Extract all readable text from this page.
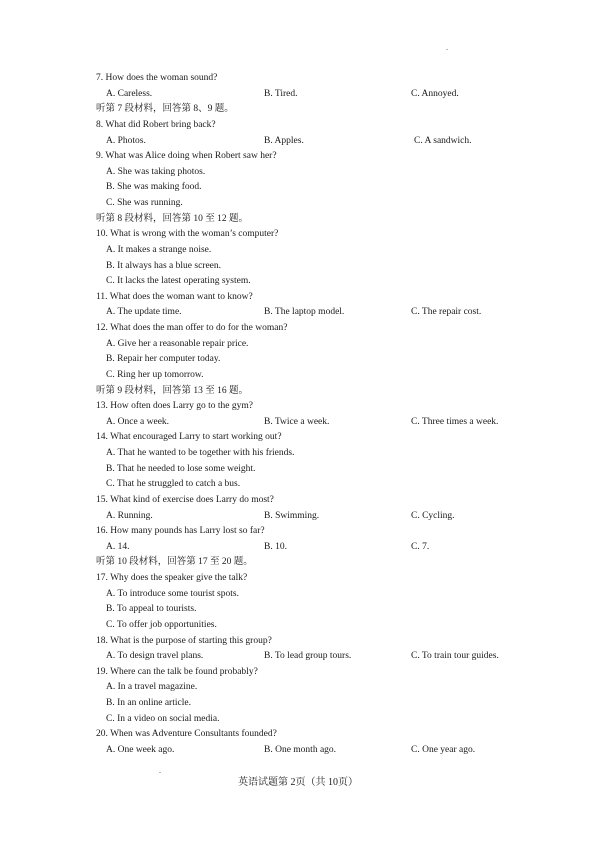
.
7. How does the woman sound?
A. Careless.	B. Tired.	C. Annoyed.
听第 7 段材料，回答第 8、9 题。
8. What did Robert bring back?
A. Photos.	B. Apples.	C. A sandwich.
9. What was Alice doing when Robert saw her?
A. She was taking photos.
B. She was making food.
C. She was running.
听第 8 段材料，回答第 10 至 12 题。
10. What is wrong with the woman’s computer?
A. It makes a strange noise.
B. It always has a blue screen.
C. It lacks the latest operating system.
11. What does the woman want to know?
A. The update time.	B. The laptop model.	C. The repair cost.
12. What does the man offer to do for the woman?
A. Give her a reasonable repair price.
B. Repair her computer today.
C. Ring her up tomorrow.
听第 9 段材料，回答第 13 至 16 题。
13. How often does Larry go to the gym?
A. Once a week.	B. Twice a week.	C. Three times a week.
14. What encouraged Larry to start working out?
A. That he wanted to be together with his friends.
B. That he needed to lose some weight.
C. That he struggled to catch a bus.
15. What kind of exercise does Larry do most?
A. Running.	B. Swimming.	C. Cycling.
16. How many pounds has Larry lost so far?
A. 14.	B. 10.	C. 7.
听第 10 段材料，回答第 17 至 20 题。
17. Why does the speaker give the talk?
A. To introduce some tourist spots.
B. To appeal to tourists.
C. To offer job opportunities.
18. What is the purpose of starting this group?
A. To design travel plans.	B. To lead group tours.	C. To train tour guides.
19. Where can the talk be found probably?
A. In a travel magazine.
B. In an online article.
C. In a video on social media.
20. When was Adventure Consultants founded?
A. One week ago.	B. One month ago.	C. One year ago.
.
英语试题第 2页（共 10页）
